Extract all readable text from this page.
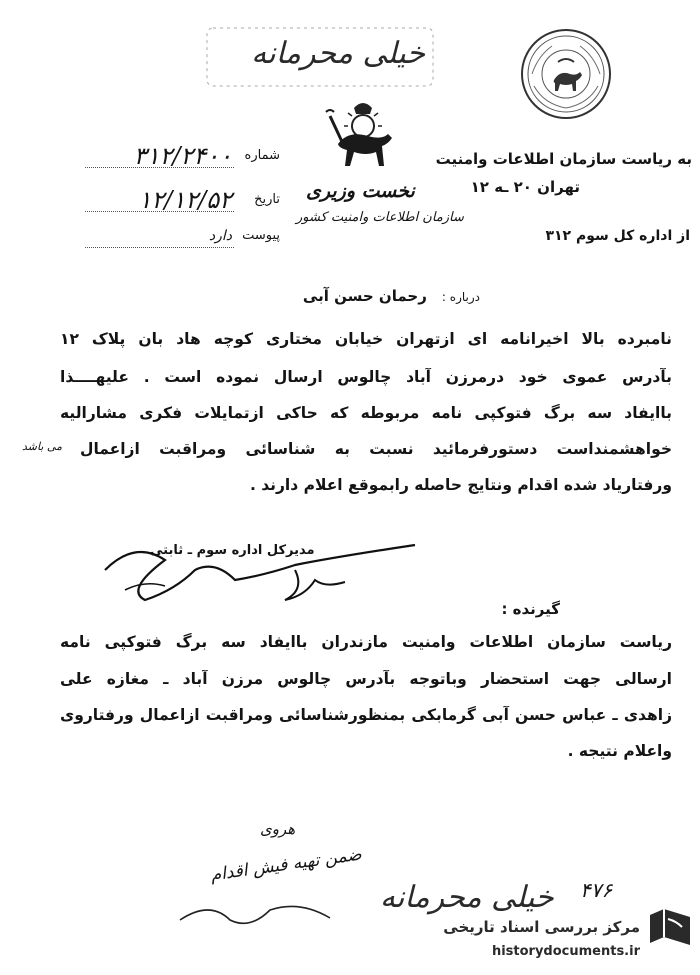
خیلی محرمانه
به ریاست سازمان اطلاعات وامنیت
تهران ۲۰ ـه ۱۲
از اداره کل سوم ۳۱۲
نخست وزیری
سازمان اطلاعات وامنیت کشور
شماره
۳۱۲/۲۴۰۰
تاریخ
۱۲/۱۲/۵۲
پیوست
دارد
درباره : رحمان حسن آبی
نامبرده بالا اخیرانامه ای ازتهران خیابان مختاری کوچه هاد بان پلاک ۱۲
بآدرس عموی خود درمرزن آباد چالوس ارسال نموده است . علیهــــذا
باایفاد سه برگ فتوکپی نامه مربوطه که حاکی ازتمایلات فکری مشارالیه
می باشد خواهشمنداست دستورفرمائید نسبت به شناسائی ومراقبت ازاعمال
ورفتارياد شده اقدام ونتايج حاصله رابموقع اعلام دارند .
مدیرکل اداره سوم ـ ثابتی
گیرنده :
ریاست سازمان اطلاعات وامنیت مازندران باایفاد سه برگ فتوکپی نامه
ارسالی جهت استحضار وباتوجه بآدرس چالوس مرزن آباد ـ مغازه علی
زاهدی ـ عباس حسن آبی گرمابکی بمنظورشناسائی ومراقبت ازاعمال ورفتاروی
واعلام نتیجه .
هروی
ضمن تهیه فیش اقدام
خیلی محرمانه ۴۷۶
مرکز بررسی اسناد تاریخی
historydocuments.ir
